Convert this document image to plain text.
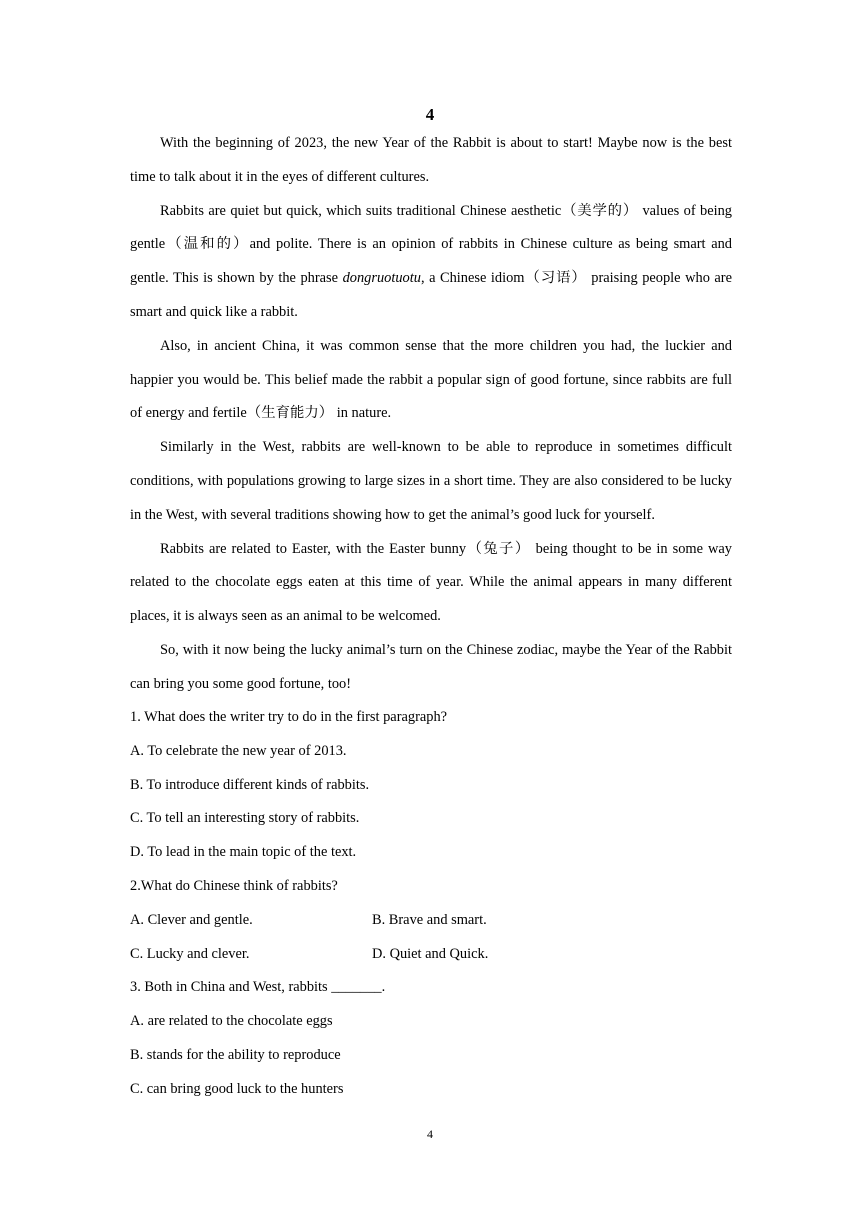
4

With the beginning of 2023, the new Year of the Rabbit is about to start! Maybe now is the best time to talk about it in the eyes of different cultures.

Rabbits are quiet but quick, which suits traditional Chinese aesthetic（美学的） values of being gentle（温和的）and polite. There is an opinion of rabbits in Chinese culture as being smart and gentle. This is shown by the phrase dongruotuotu, a Chinese idiom（习语） praising people who are smart and quick like a rabbit.

Also, in ancient China, it was common sense that the more children you had, the luckier and happier you would be. This belief made the rabbit a popular sign of good fortune, since rabbits are full of energy and fertile（生育能力） in nature.

Similarly in the West, rabbits are well-known to be able to reproduce in sometimes difficult conditions, with populations growing to large sizes in a short time. They are also considered to be lucky in the West, with several traditions showing how to get the animal’s good luck for yourself.

Rabbits are related to Easter, with the Easter bunny（兔子） being thought to be in some way related to the chocolate eggs eaten at this time of year. While the animal appears in many different places, it is always seen as an animal to be welcomed.

So, with it now being the lucky animal’s turn on the Chinese zodiac, maybe the Year of the Rabbit can bring you some good fortune, too!

1. What does the writer try to do in the first paragraph?
A. To celebrate the new year of 2013.
B. To introduce different kinds of rabbits.
C. To tell an interesting story of rabbits.
D. To lead in the main topic of the text.
2.What do Chinese think of rabbits?
A. Clever and gentle.	B. Brave and smart.
C. Lucky and clever.	D. Quiet and Quick.
3. Both in China and West, rabbits _______.
A. are related to the chocolate eggs
B. stands for the ability to reproduce
C. can bring good luck to the hunters
4
